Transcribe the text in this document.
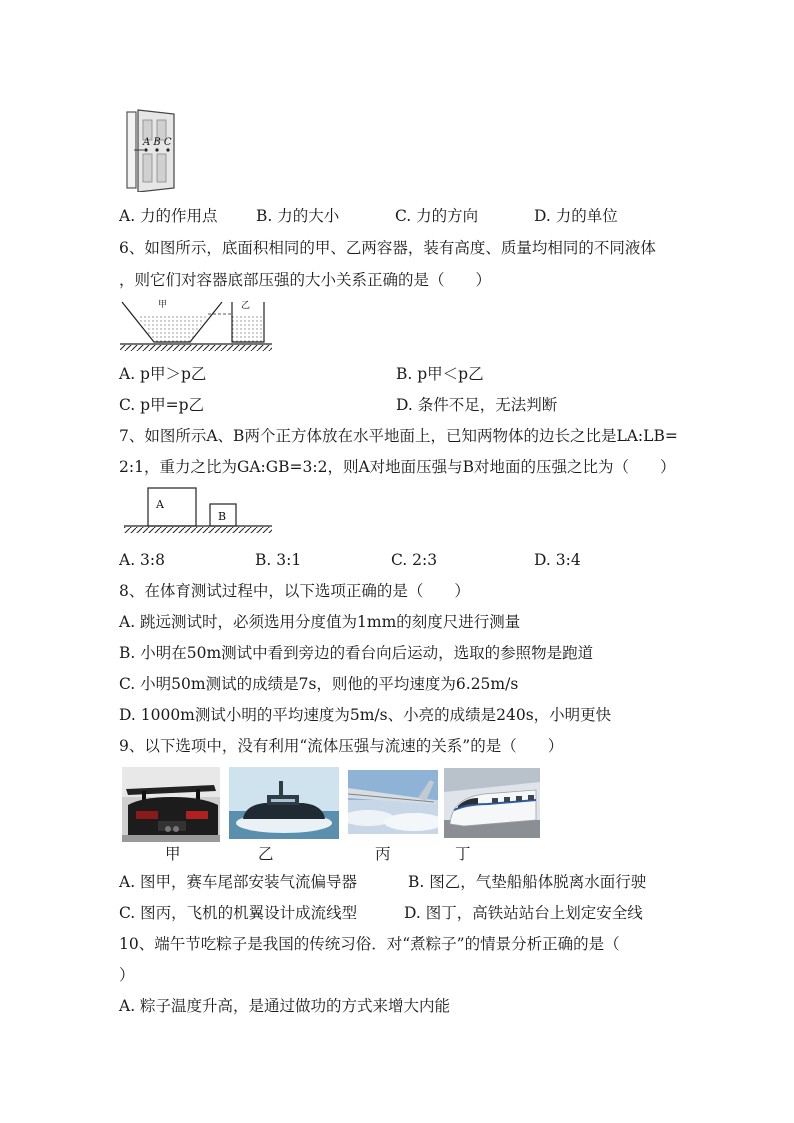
A B C
A. 力的作用点 B. 力的大小	C. 力的方向	D. 力的单位
6、如图所示，底面积相同的甲、乙两容器，装有高度、质量均相同的不同液体
，则它们对容器底部压强的大小关系正确的是（　　）
甲	乙
A. p甲＞p乙	B. p甲＜p乙
C. p甲=p乙	D. 条件不足，无法判断
7、如图所示A、B两个正方体放在水平地面上，已知两物体的边长之比是LA:LB=
2:1，重力之比为GA:GB=3:2，则A对地面压强与B对地面的压强之比为（　　）
A
B
A. 3:8	B. 3:1	C. 2:3	D. 3:4
8、在体育测试过程中，以下选项正确的是（　　）
A. 跳远测试时，必须选用分度值为1mm的刻度尺进行测量
B. 小明在50m测试中看到旁边的看台向后运动，选取的参照物是跑道
C. 小明50m测试的成绩是7s，则他的平均速度为6.25m/s
D. 1000m测试小明的平均速度为5m/s、小亮的成绩是240s，小明更快
9、以下选项中，没有利用“流体压强与流速的关系”的是（　　）
甲	乙	丙	丁
A. 图甲，赛车尾部安装气流偏导器	B. 图乙，气垫船船体脱离水面行驶
C. 图丙，飞机的机翼设计成流线型	D. 图丁，高铁站站台上划定安全线
10、端午节吃粽子是我国的传统习俗．对“煮粽子”的情景分析正确的是（
）
A. 粽子温度升高，是通过做功的方式来增大内能
